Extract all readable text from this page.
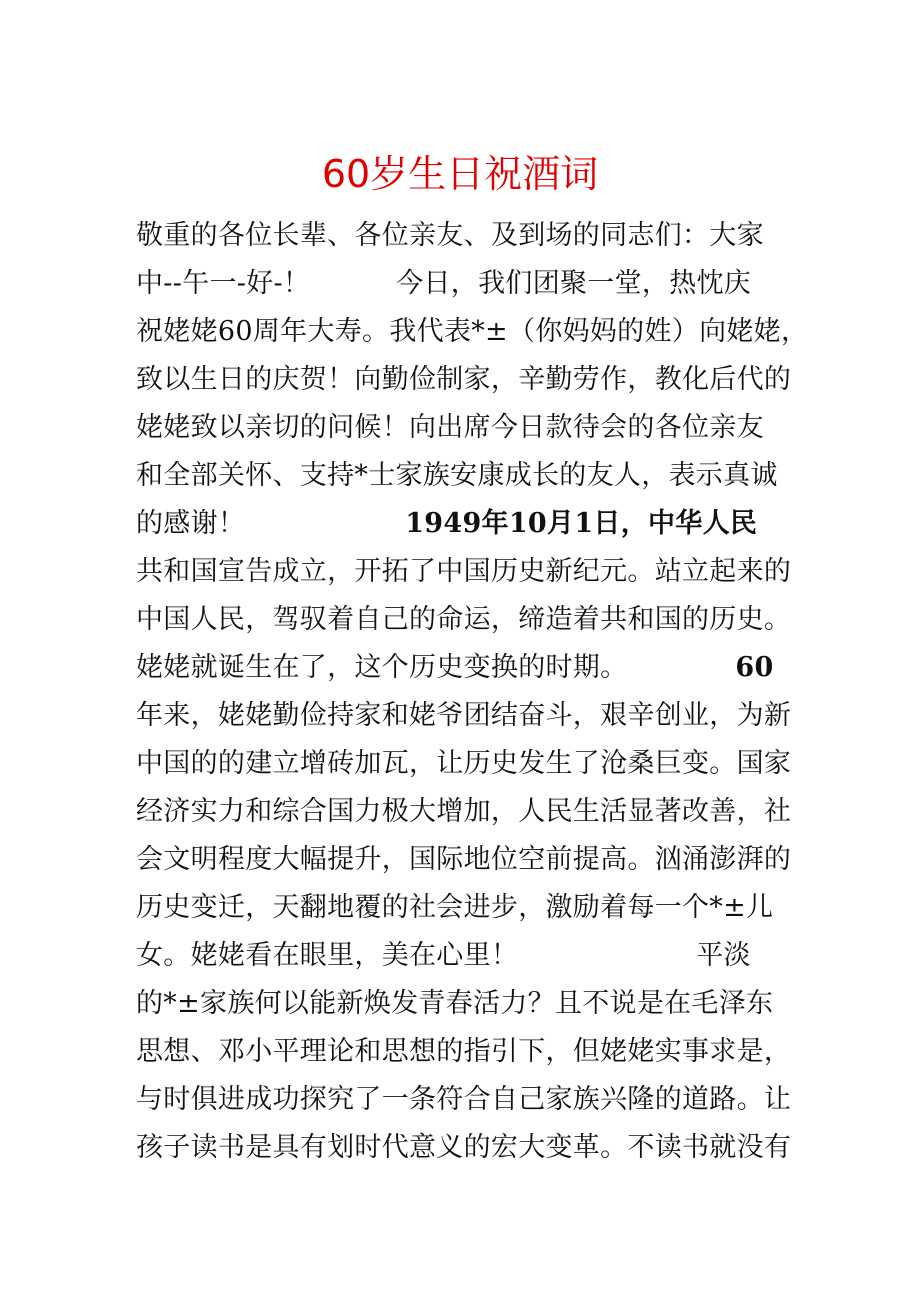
60岁生日祝酒词
敬重的各位长辈、各位亲友、及到场的同志们：大家
中--午一-好-！	今日，我们团聚一堂，热忱庆
祝姥姥60周年大寿。我代表*±（你妈妈的姓）向姥姥，
致以生日的庆贺！向勤俭制家，辛勤劳作，教化后代的
姥姥致以亲切的问候！向出席今日款待会的各位亲友
和全部关怀、支持*士家族安康成长的友人，表示真诚
的感谢！	1949年10月1日，中华人民
共和国宣告成立，开拓了中国历史新纪元。站立起来的
中国人民，驾驭着自己的命运，缔造着共和国的历史。
姥姥就诞生在了，这个历史变换的时期。	60
年来，姥姥勤俭持家和姥爷团结奋斗，艰辛创业，为新
中国的的建立增砖加瓦，让历史发生了沧桑巨变。国家
经济实力和综合国力极大增加，人民生活显著改善，社
会文明程度大幅提升，国际地位空前提高。汹涌澎湃的
历史变迁，天翻地覆的社会进步，激励着每一个*±儿
女。姥姥看在眼里，美在心里！	平淡
的*±家族何以能新焕发青春活力？且不说是在毛泽东
思想、邓小平理论和思想的指引下，但姥姥实事求是，
与时俱进成功探究了一条符合自己家族兴隆的道路。让
孩子读书是具有划时代意义的宏大变革。不读书就没有
